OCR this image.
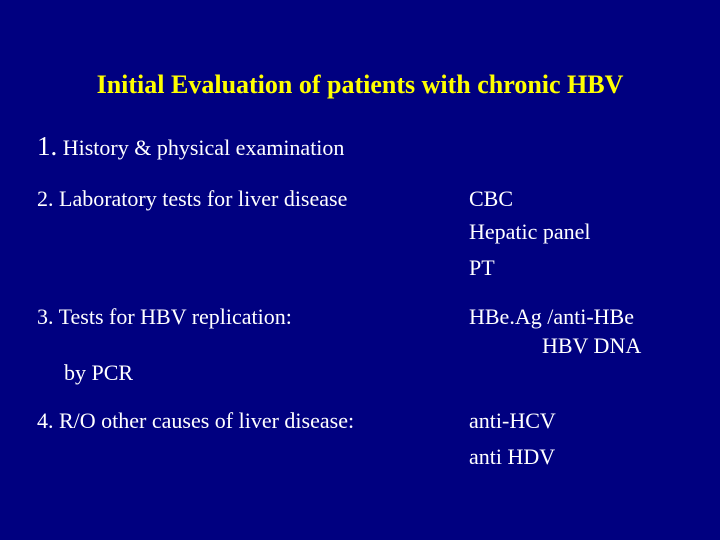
Initial Evaluation of patients with chronic HBV
1. History & physical examination
2. Laboratory tests for liver disease
3. Tests for HBV replication:
by PCR
4. R/O other causes of liver disease:
CBC
Hepatic panel
PT
HBe.Ag /anti-HBe
HBV DNA
anti-HCV
anti HDV
